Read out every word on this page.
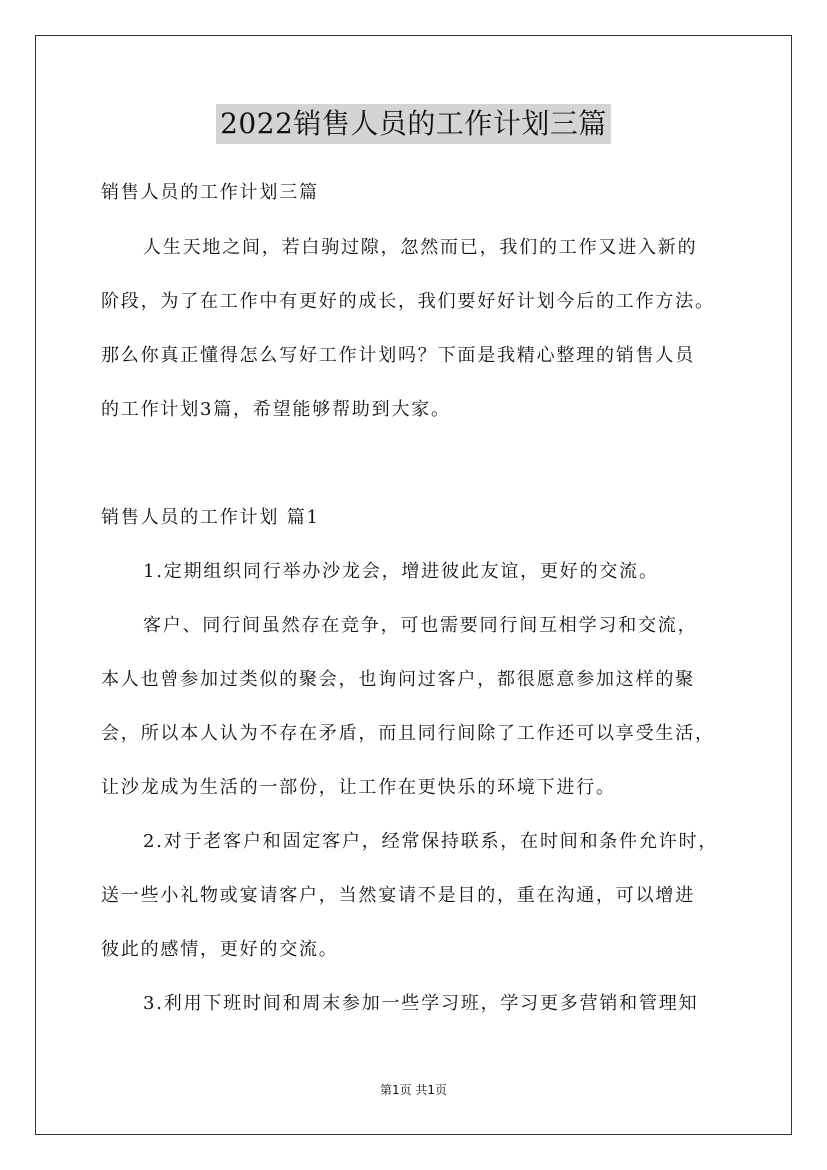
2022销售人员的工作计划三篇
销售人员的工作计划三篇
人生天地之间，若白驹过隙，忽然而已，我们的工作又进入新的
阶段，为了在工作中有更好的成长，我们要好好计划今后的工作方法。
那么你真正懂得怎么写好工作计划吗？下面是我精心整理的销售人员
的工作计划3篇，希望能够帮助到大家。
销售人员的工作计划 篇1
1.定期组织同行举办沙龙会，增进彼此友谊，更好的交流。
客户、同行间虽然存在竞争，可也需要同行间互相学习和交流，
本人也曾参加过类似的聚会，也询问过客户，都很愿意参加这样的聚
会，所以本人认为不存在矛盾，而且同行间除了工作还可以享受生活，
让沙龙成为生活的一部份，让工作在更快乐的环境下进行。
2.对于老客户和固定客户，经常保持联系，在时间和条件允许时，
送一些小礼物或宴请客户，当然宴请不是目的，重在沟通，可以增进
彼此的感情，更好的交流。
3.利用下班时间和周末参加一些学习班，学习更多营销和管理知
第1页 共1页
